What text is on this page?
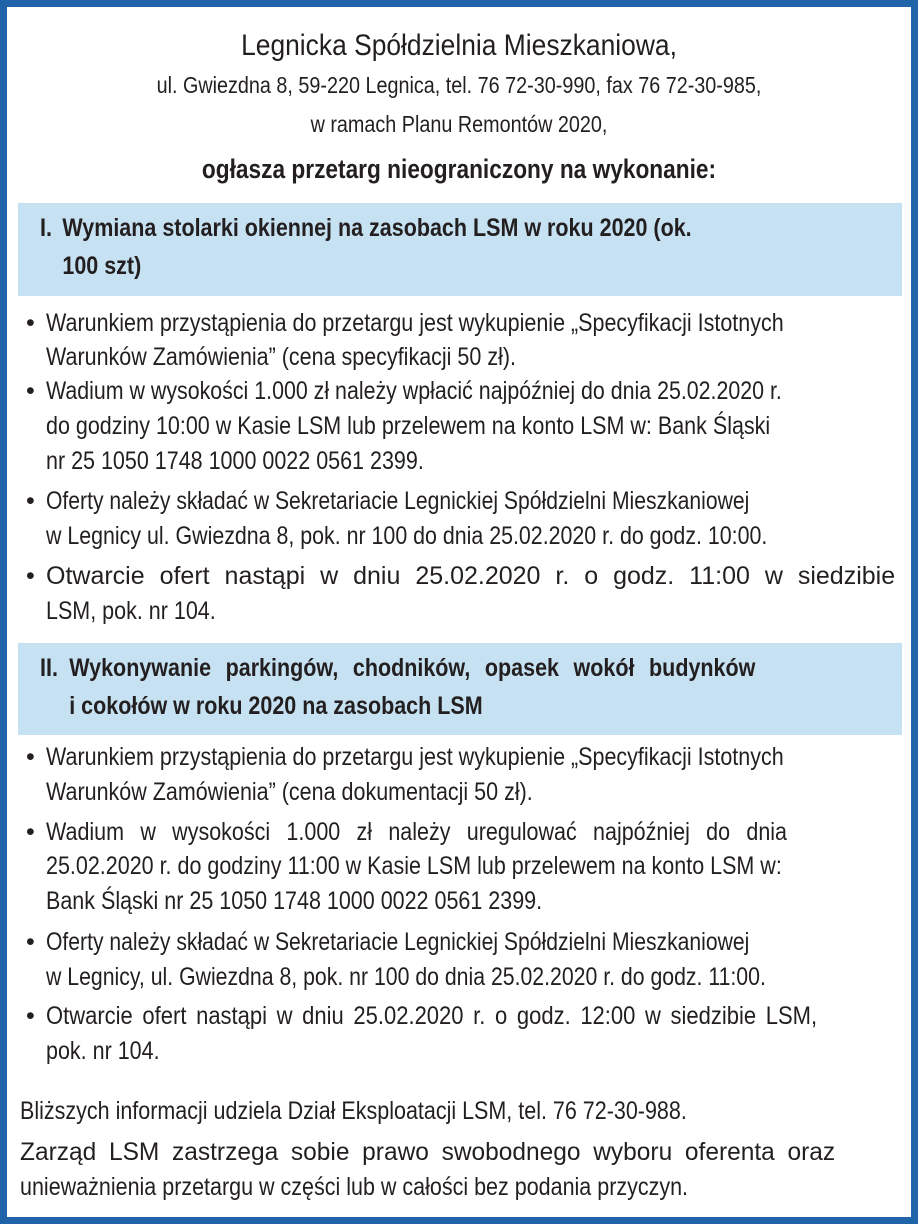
Legnicka Spółdzielnia Mieszkaniowa,
ul. Gwiezdna 8, 59-220 Legnica, tel. 76 72-30-990, fax 76 72-30-985,
w ramach Planu Remontów 2020,
ogłasza przetarg nieograniczony na wykonanie:
I. Wymiana stolarki okiennej na zasobach LSM w roku 2020 (ok.
100 szt)
• Warunkiem przystąpienia do przetargu jest wykupienie „Specyfikacji Istotnych
Warunków Zamówienia” (cena specyfikacji 50 zł).
• Wadium w wysokości 1.000 zł należy wpłacić najpóźniej do dnia 25.02.2020 r.
do godziny 10:00 w Kasie LSM lub przelewem na konto LSM w: Bank Śląski
nr 25 1050 1748 1000 0022 0561 2399.
• Oferty należy składać w Sekretariacie Legnickiej Spółdzielni Mieszkaniowej
w Legnicy ul. Gwiezdna 8, pok. nr 100 do dnia 25.02.2020 r. do godz. 10:00.
• Otwarcie ofert nastąpi w dniu 25.02.2020 r. o godz. 11:00 w siedzibie
LSM, pok. nr 104.
II. Wykonywanie parkingów, chodników, opasek wokół budynków
i cokołów w roku 2020 na zasobach LSM
• Warunkiem przystąpienia do przetargu jest wykupienie „Specyfikacji Istotnych
Warunków Zamówienia” (cena dokumentacji 50 zł).
• Wadium w wysokości 1.000 zł należy uregulować najpóźniej do dnia
25.02.2020 r. do godziny 11:00 w Kasie LSM lub przelewem na konto LSM w:
Bank Śląski nr 25 1050 1748 1000 0022 0561 2399.
• Oferty należy składać w Sekretariacie Legnickiej Spółdzielni Mieszkaniowej
w Legnicy, ul. Gwiezdna 8, pok. nr 100 do dnia 25.02.2020 r. do godz. 11:00.
• Otwarcie ofert nastąpi w dniu 25.02.2020 r. o godz. 12:00 w siedzibie LSM,
pok. nr 104.
Bliższych informacji udziela Dział Eksploatacji LSM, tel. 76 72-30-988.
Zarząd LSM zastrzega sobie prawo swobodnego wyboru oferenta oraz
unieważnienia przetargu w części lub w całości bez podania przyczyn.
